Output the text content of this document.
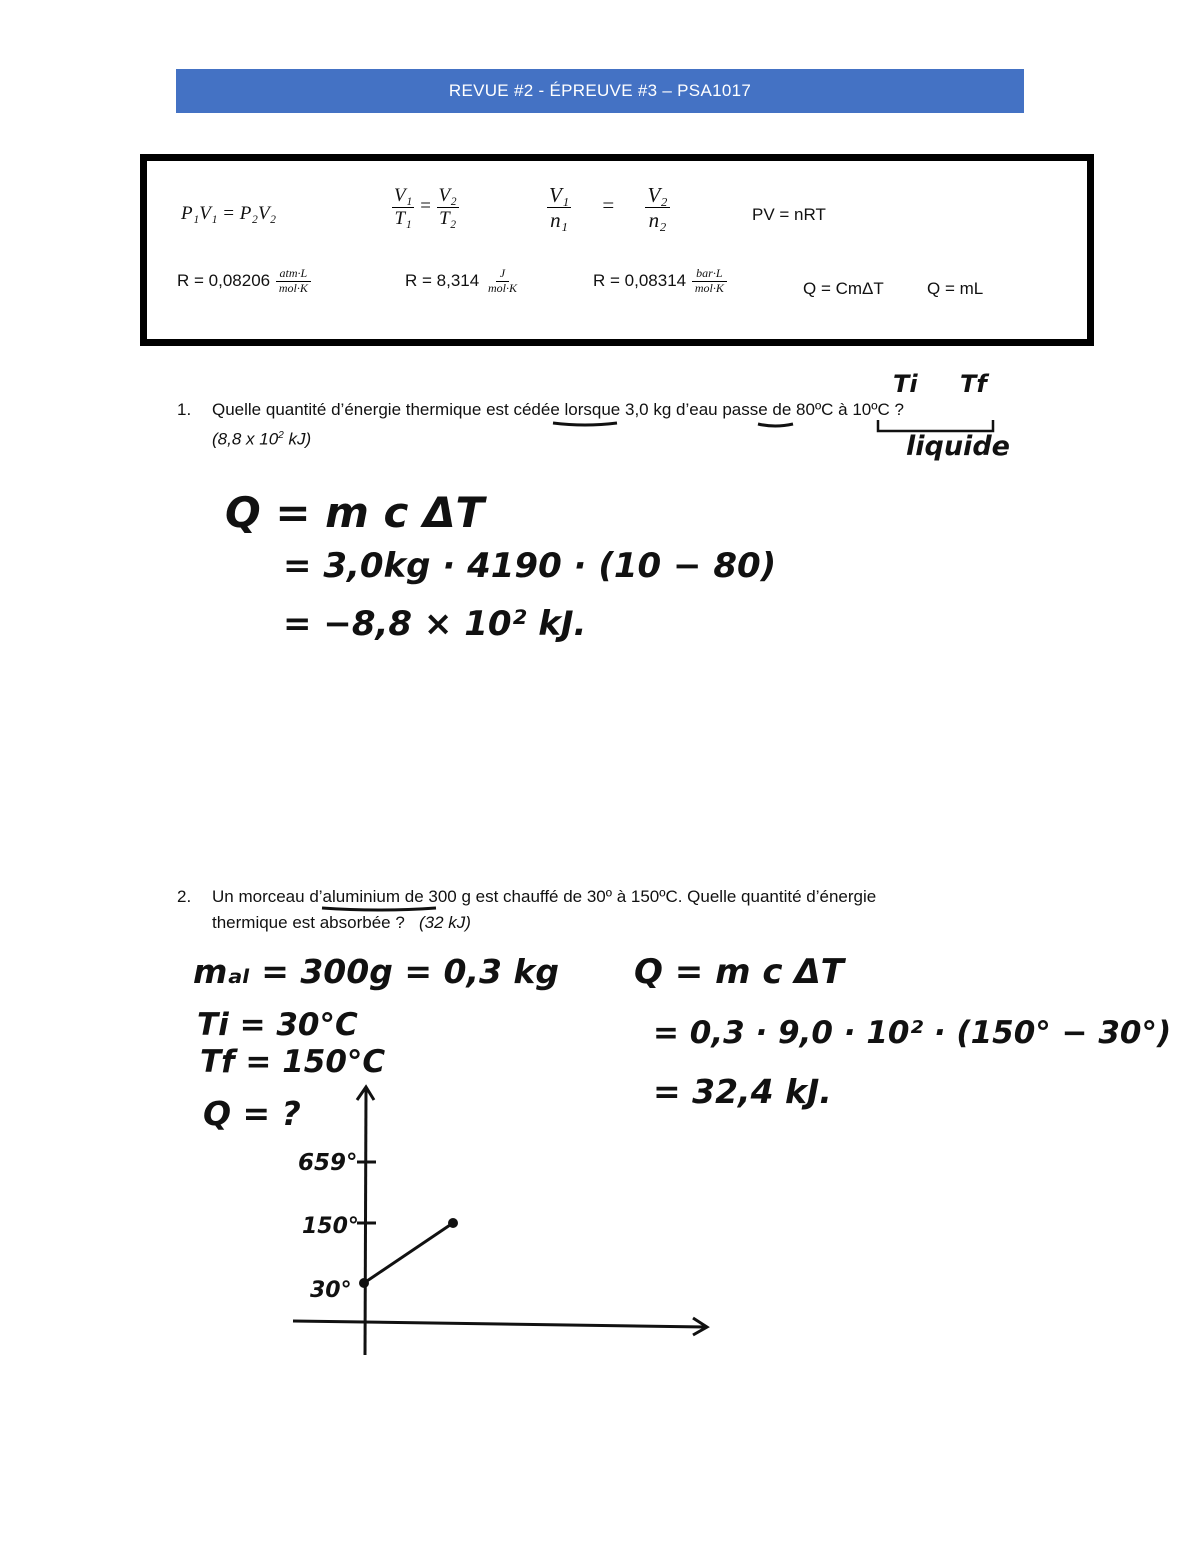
REVUE #2 - ÉPREUVE #3 – PSA1017
P₁V₁ = P₂V₂	$\frac{\text{V₁}}{\text{T₁}} = \frac{\text{V₂}}{\text{T₂}}$	$\frac{\text{V₁}}{\text{n₁}} = \frac{\text{V₂}}{\text{n₂}}$	PV = nRT
$R = 0,08206 \frac{\text{atm·L}}{\text{mol·K}}$	$R = 8,314 \frac{J}{\text{mol·K}}$	$R = 0,08314 \frac{\text{bar·L}}{\text{mol·K}}$	Q = CmΔT	Q = mL
1. Quelle quantité d’énergie thermique est cédée lorsque 3,0 kg d’eau passe de 80ºC à 10ºC ?
(8,8 x $10^2$ kJ)
2. Un morceau d’aluminium de 300 g est chauffé de 30º à 150ºC. Quelle quantité d’énergie
thermique est absorbée ? (32 kJ)
Ti Tf
liquide
Q = m c ΔT
= 3,0kg · 4190 · (10 − 80)
= −8,8 × 10² kJ.
mₐₗ = 300g = 0,3 kg
Ti = 30°C
Tf = 150°C
Q = ?
Q = m c ΔT
= 0,3 · 9,0 · 10² · (150° − 30°)
= 32,4 kJ.
659°
150°
30°
